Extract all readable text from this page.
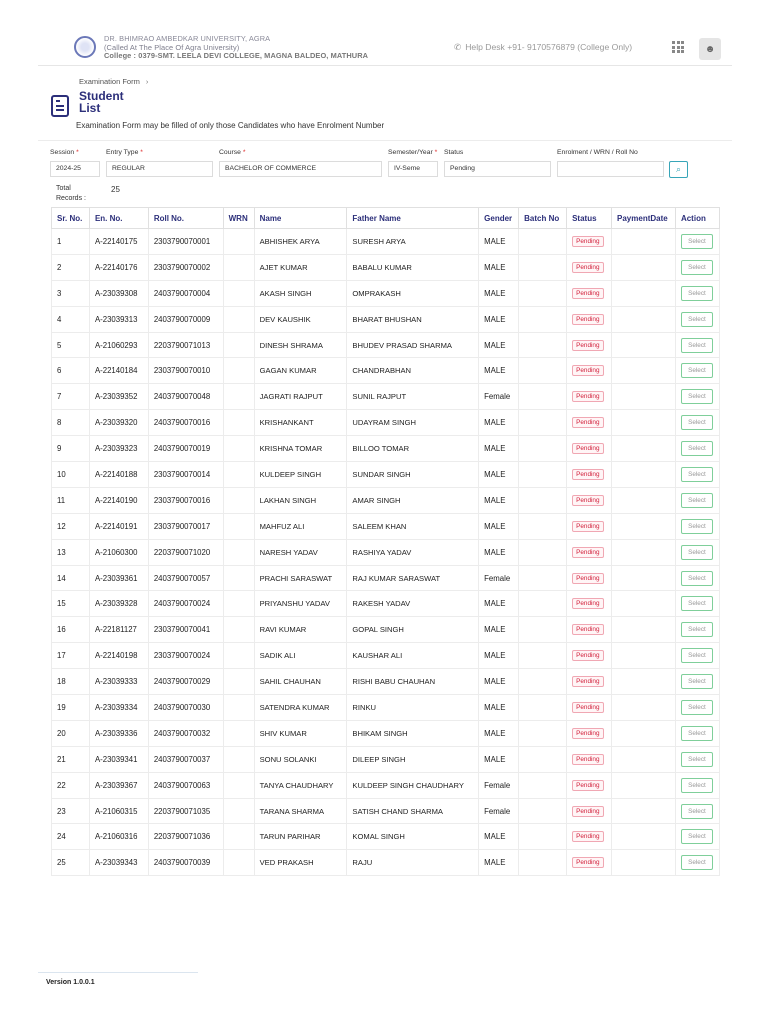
DR. BHIMRAO AMBEDKAR UNIVERSITY, AGRA
(Called At The Place Of Agra University)
College : 0379-SMT. LEELA DEVI COLLEGE, MAGNA BALDEO, MATHURA
✆ Help Desk +91- 9170576879 (College Only)	☻
Examination Form ›
Student List
Examination Form may be filled of only those Candidates who have Enrolment Number
Session *
2024-25
Entry Type *
REGULAR
Course *
BACHELOR OF COMMERCE
Semester/Year *
IV-Seme
Status
Pending
Enrolment / WRN / Roll No
⌕
Total Records :
25
Sr. No.	En. No.	Roll No.	WRN	Name	Father Name	Gender	Batch No	Status	PaymentDate	Action
1	A-22140175	2303790070001		ABHISHEK ARYA	SURESH ARYA	MALE		Pending		Select
2	A-22140176	2303790070002		AJET KUMAR	BABALU KUMAR	MALE		Pending		Select
3	A-23039308	2403790070004		AKASH SINGH	OMPRAKASH	MALE		Pending		Select
4	A-23039313	2403790070009		DEV KAUSHIK	BHARAT BHUSHAN	MALE		Pending		Select
5	A-21060293	2203790071013		DINESH SHRAMA	BHUDEV PRASAD SHARMA	MALE		Pending		Select
6	A-22140184	2303790070010		GAGAN KUMAR	CHANDRABHAN	MALE		Pending		Select
7	A-23039352	2403790070048		JAGRATI RAJPUT	SUNIL RAJPUT	Female		Pending		Select
8	A-23039320	2403790070016		KRISHANKANT	UDAYRAM SINGH	MALE		Pending		Select
9	A-23039323	2403790070019		KRISHNA TOMAR	BILLOO TOMAR	MALE		Pending		Select
10	A-22140188	2303790070014		KULDEEP SINGH	SUNDAR SINGH	MALE		Pending		Select
11	A-22140190	2303790070016		LAKHAN SINGH	AMAR SINGH	MALE		Pending		Select
12	A-22140191	2303790070017		MAHFUZ ALI	SALEEM KHAN	MALE		Pending		Select
13	A-21060300	2203790071020		NARESH YADAV	RASHIYA YADAV	MALE		Pending		Select
14	A-23039361	2403790070057		PRACHI SARASWAT	RAJ KUMAR SARASWAT	Female		Pending		Select
15	A-23039328	2403790070024		PRIYANSHU YADAV	RAKESH YADAV	MALE		Pending		Select
16	A-22181127	2303790070041		RAVI KUMAR	GOPAL SINGH	MALE		Pending		Select
17	A-22140198	2303790070024		SADIK ALI	KAUSHAR ALI	MALE		Pending		Select
18	A-23039333	2403790070029		SAHIL CHAUHAN	RISHI BABU CHAUHAN	MALE		Pending		Select
19	A-23039334	2403790070030		SATENDRA KUMAR	RINKU	MALE		Pending		Select
20	A-23039336	2403790070032		SHIV KUMAR	BHIKAM SINGH	MALE		Pending		Select
21	A-23039341	2403790070037		SONU SOLANKI	DILEEP SINGH	MALE		Pending		Select
22	A-23039367	2403790070063		TANYA CHAUDHARY	KULDEEP SINGH CHAUDHARY	Female		Pending		Select
23	A-21060315	2203790071035		TARANA SHARMA	SATISH CHAND SHARMA	Female		Pending		Select
24	A-21060316	2203790071036		TARUN PARIHAR	KOMAL SINGH	MALE		Pending		Select
25	A-23039343	2403790070039		VED PRAKASH	RAJU	MALE		Pending		Select
Version 1.0.0.1
